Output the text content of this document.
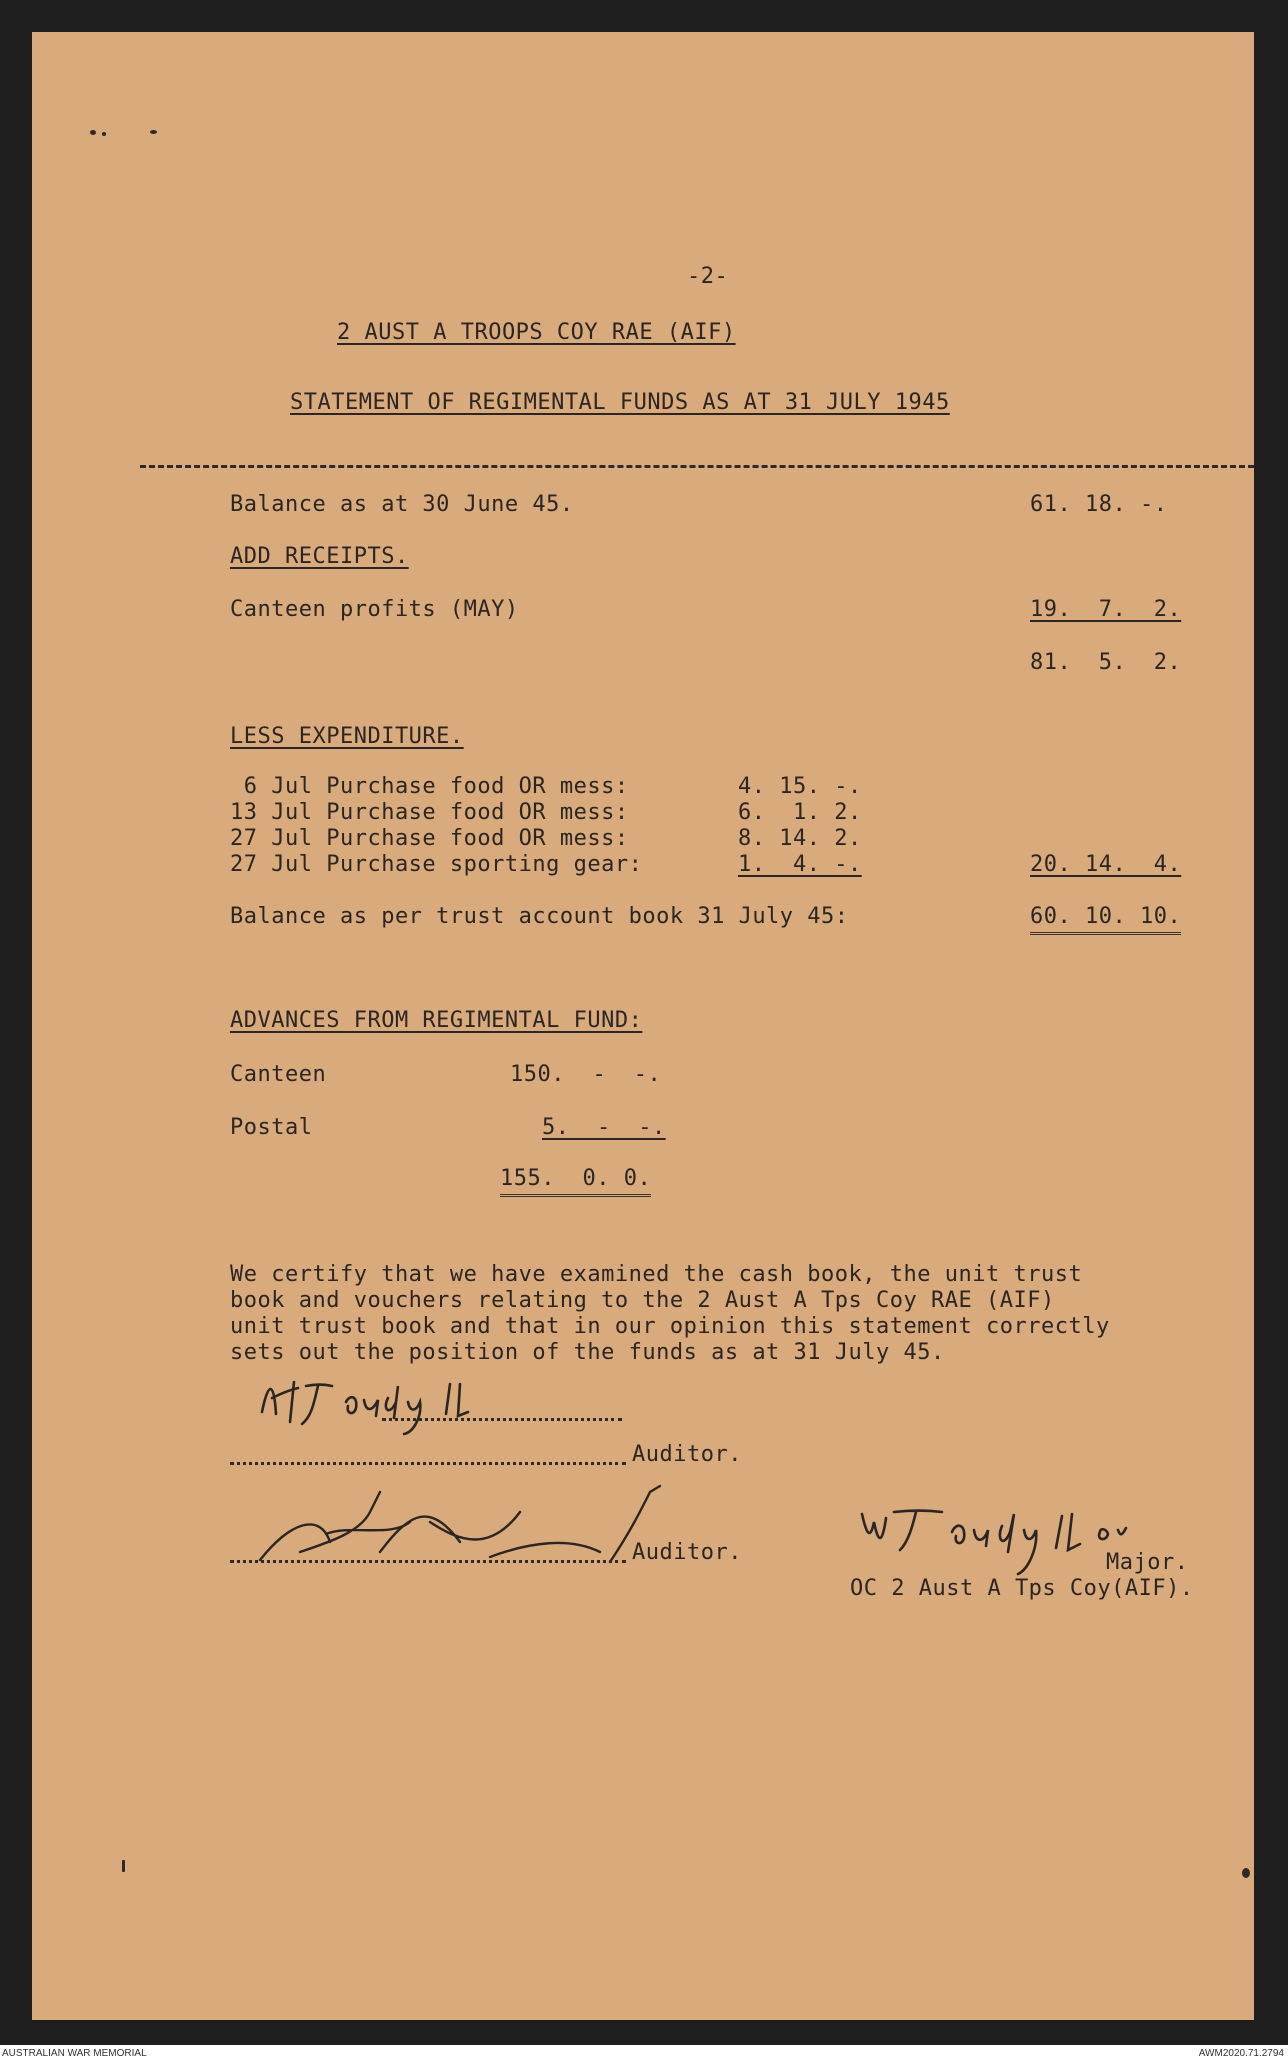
-2-
2 AUST A TROOPS COY RAE (AIF)
STATEMENT OF REGIMENTAL FUNDS AS AT 31 JULY 1945
Balance as at 30 June 45.	61. 18. -.
ADD RECEIPTS.
Canteen profits (MAY)	19.  7.  2.
81.  5.  2.
LESS EXPENDITURE.
6 Jul Purchase food OR mess:	4. 15. -.
13 Jul Purchase food OR mess:	6.  1. 2.
27 Jul Purchase food OR mess:	8. 14. 2.
27 Jul Purchase sporting gear:	1.  4. -.	20. 14.  4.
Balance as per trust account book 31 July 45:	60. 10. 10.
ADVANCES FROM REGIMENTAL FUND:
Canteen	150.  -  -.
Postal	5.  -  -.
155.  0. 0.
We certify that we have examined the cash book, the unit trust
book and vouchers relating to the 2 Aust A Tps Coy RAE (AIF)
unit trust book and that in our opinion this statement correctly
sets out the position of the funds as at 31 July 45.
Auditor.
Auditor.	Major.
OC 2 Aust A Tps Coy(AIF).
AUSTRALIAN WAR MEMORIAL	AWM2020.71.2794
